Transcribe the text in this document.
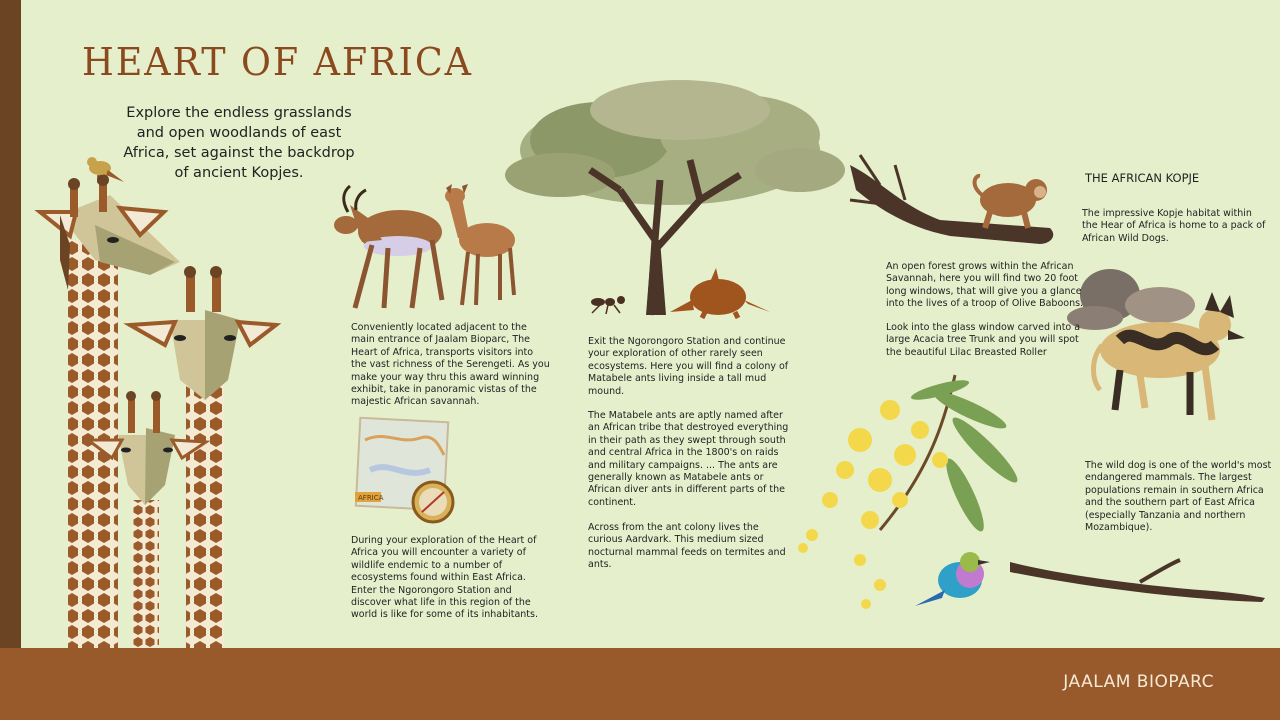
AFRICA
HEART OF AFRICA
Explore the endless grasslands and open woodlands of east Africa, set against the backdrop of ancient Kopjes.
Conveniently located adjacent to the
main entrance of Jaalam Bioparc, The
Heart of Africa, transports visitors into
the vast richness of the Serengeti. As you
make your way thru this award winning
exhibit, take in panoramic vistas of the
majestic African savannah.
During your exploration of the Heart of
Africa you will encounter a variety of
wildlife endemic to a number of
ecosystems found within East Africa.
Enter the Ngorongoro Station and
discover what life in this region of the
world is like for some of its inhabitants.
Exit the Ngorongoro Station and continue
your exploration of other rarely seen
ecosystems. Here you will find a colony of
Matabele ants living inside a tall mud
mound.
The Matabele ants are aptly named after
an African tribe that destroyed everything
in their path as they swept through south
and central Africa in the 1800's on raids
and military campaigns. ... The ants are
generally known as Matabele ants or
African diver ants in different parts of the
continent.
Across from the ant colony lives the
curious Aardvark. This medium sized
nocturnal mammal feeds on termites and
ants.
An open forest grows within the African
Savannah, here you will find two 20 foot
long windows, that will give you a glance
into the lives of a troop of Olive Baboons.
Look into the glass window carved into a
large Acacia tree Trunk and you will spot
the beautiful Lilac Breasted Roller
THE AFRICAN KOPJE
The impressive Kopje habitat within
the Hear of Africa is home to a pack of
African Wild Dogs.
The wild dog is one of the world's most
endangered mammals. The largest
populations remain in southern Africa
and the southern part of East Africa
(especially Tanzania and northern
Mozambique).
JAALAM BIOPARC
